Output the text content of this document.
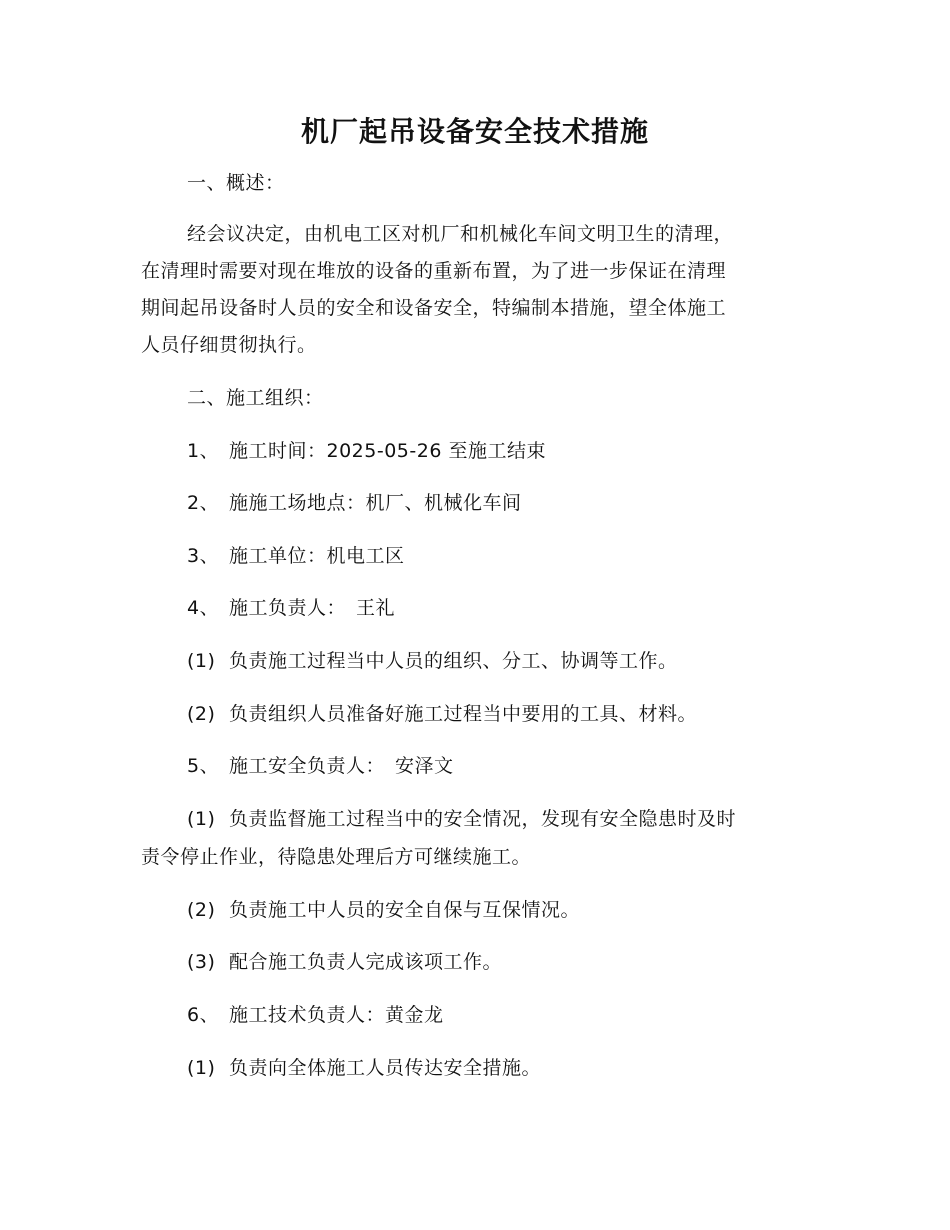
机厂起吊设备安全技术措施
一、概述：
经会议决定，由机电工区对机厂和机械化车间文明卫生的清理，
在清理时需要对现在堆放的设备的重新布置，为了进一步保证在清理
期间起吊设备时人员的安全和设备安全，特编制本措施，望全体施工
人员仔细贯彻执行。
二、施工组织：
1、 施工时间：2025-05-26 至施工结束
2、 施施工场地点：机厂、机械化车间
3、 施工单位：机电工区
4、 施工负责人： 王礼
(1) 负责施工过程当中人员的组织、分工、协调等工作。
(2) 负责组织人员准备好施工过程当中要用的工具、材料。
5、 施工安全负责人： 安泽文
(1) 负责监督施工过程当中的安全情况，发现有安全隐患时及时
责令停止作业，待隐患处理后方可继续施工。
(2) 负责施工中人员的安全自保与互保情况。
(3) 配合施工负责人完成该项工作。
6、 施工技术负责人：黄金龙
(1) 负责向全体施工人员传达安全措施。
